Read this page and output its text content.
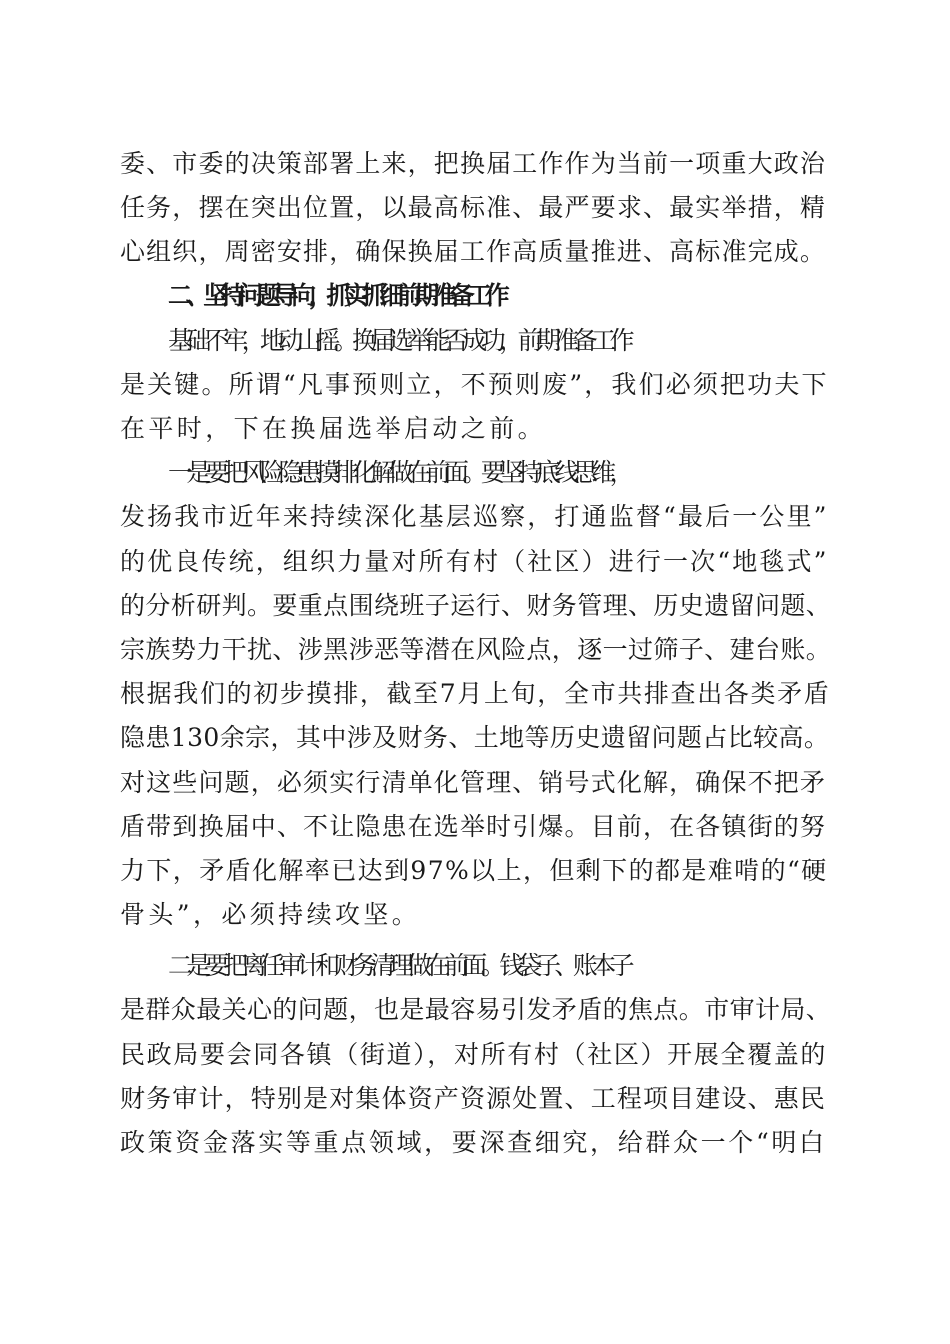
委、市委的决策部署上来，把换届工作作为当前一项重大政治
任务，摆在突出位置，以最高标准、最严要求、最实举措，精
心组织，周密安排，确保换届工作高质量推进、高标准完成。
二、坚持问题导向，抓实抓细前期准备工作
基础不牢，地动山摇。换届选举能否成功，前期准备工作
是关键。所谓“凡事预则立，不预则废”，我们必须把功夫下
在平时，下在换届选举启动之前。
一是要把风险隐患摸排化解做在前面。要坚持底线思维，
发扬我市近年来持续深化基层巡察，打通监督“最后一公里”
的优良传统，组织力量对所有村（社区）进行一次“地毯式”
的分析研判。要重点围绕班子运行、财务管理、历史遗留问题、
宗族势力干扰、涉黑涉恶等潜在风险点，逐一过筛子、建台账。
根据我们的初步摸排，截至7月上旬，全市共排查出各类矛盾
隐患130余宗，其中涉及财务、土地等历史遗留问题占比较高。
对这些问题，必须实行清单化管理、销号式化解，确保不把矛
盾带到换届中、不让隐患在选举时引爆。目前，在各镇街的努
力下，矛盾化解率已达到97%以上，但剩下的都是难啃的“硬
骨头”，必须持续攻坚。
二是要把离任审计和财务清理做在前面。钱袋子、账本子
是群众最关心的问题，也是最容易引发矛盾的焦点。市审计局、
民政局要会同各镇（街道），对所有村（社区）开展全覆盖的
财务审计，特别是对集体资产资源处置、工程项目建设、惠民
政策资金落实等重点领域，要深查细究，给群众一个“明白
